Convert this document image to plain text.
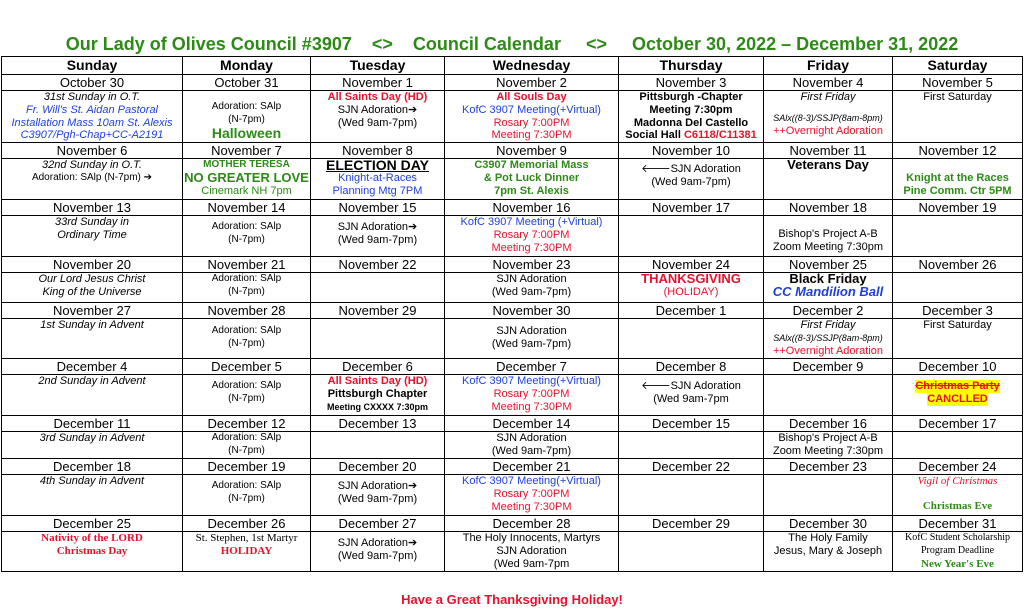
Our Lady of Olives Council #3907 <> Council Calendar <> October 30, 2022 – December 31, 2022
Sunday	Monday	Tuesday	Wednesday	Thursday	Friday	Saturday
October 30	October 31	November 1	November 2	November 3	November 4	November 5

31st Sunday in O.T.
Fr. Will's St. Aidan Pastoral
Installation Mass 10am St. Alexis
C3907/Pgh-Chap+CC-A2191	Adoration: SAlp
(N-7pm)
Halloween	All Saints Day (HD)
SJN Adoration➔
(Wed 9am-7pm)	All Souls Day
KofC 3907 Meeting(+Virtual)
Rosary 7:00PM
Meeting 7:30PM	Pittsburgh -Chapter
Meeting 7:30pm
Madonna Del Castello
Social Hall C6118/C11381	First Friday
SAlx((8-3)/SSJP(8am-8pm)
++Overnight Adoration	First Saturday

November 6	November 7	November 8	November 9	November 10	November 11	November 12

32nd Sunday in O.T.
Adoration: SAlp (N-7pm) ➔	MOTHER TERESA
NO GREATER LOVE
Cinemark NH 7pm	ELECTION DAY
Knight-at-Races
Planning Mtg 7PM	C3907 Memorial Mass
& Pot Luck Dinner
7pm St. Alexis	🡐SJN Adoration
(Wed 9am-7pm)	Veterans Day	Knight at the Races
Pine Comm. Ctr 5PM

November 13	November 14	November 15	November 16	November 17	November 18	November 19

33rd Sunday in
Ordinary Time	Adoration: SAlp
(N-7pm)	SJN Adoration➔
(Wed 9am-7pm)	KofC 3907 Meeting (+Virtual)
Rosary 7:00PM
Meeting 7:30PM		Bishop's Project A-B
Zoom Meeting 7:30pm	

November 20	November 21	November 22	November 23	November 24	November 25	November 26

Our Lord Jesus Christ
King of the Universe	Adoration: SAlp
(N-7pm)		SJN Adoration
(Wed 9am-7pm)	THANKSGIVING
(HOLIDAY)	Black Friday
CC Mandilion Ball	

November 27	November 28	November 29	November 30	December 1	December 2	December 3

1st Sunday in Advent	Adoration: SAlp
(N-7pm)		SJN Adoration
(Wed 9am-7pm)		First Friday
SAlx((8-3)/SSJP(8am-8pm)
++Overnight Adoration	First Saturday

December 4	December 5	December 6	December 7	December 8	December 9	December 10

2nd Sunday in Advent	Adoration: SAlp
(N-7pm)	All Saints Day (HD)
Pittsburgh Chapter
Meeting CXXXX 7:30pm	KofC 3907 Meeting(+Virtual)
Rosary 7:00PM
Meeting 7:30PM	🡐SJN Adoration
(Wed 9am-7pm		Christmas Party CANCLLED
December 11	December 12	December 13	December 14	December 15	December 16	December 17

3rd Sunday in Advent	Adoration: SAlp
(N-7pm)		SJN Adoration
(Wed 9am-7pm)		Bishop's Project A-B
Zoom Meeting 7:30pm	

December 18	December 19	December 20	December 21	December 22	December 23	December 24

4th Sunday in Advent	Adoration: SAlp
(N-7pm)	SJN Adoration➔
(Wed 9am-7pm)	KofC 3907 Meeting(+Virtual)
Rosary 7:00PM
Meeting 7:30PM			Vigil of Christmas
Christmas Eve

December 25	December 26	December 27	December 28	December 29	December 30	December 31

Nativity of the LORD
Christmas Day	St. Stephen, 1st Martyr
HOLIDAY	SJN Adoration➔
(Wed 9am-7pm)	The Holy Innocents, Martyrs
SJN Adoration
(Wed 9am-7pm		The Holy Family
Jesus, Mary & Joseph	KofC Student Scholarship
Program Deadline
New Year's Eve
Have a Great Thanksgiving Holiday!
